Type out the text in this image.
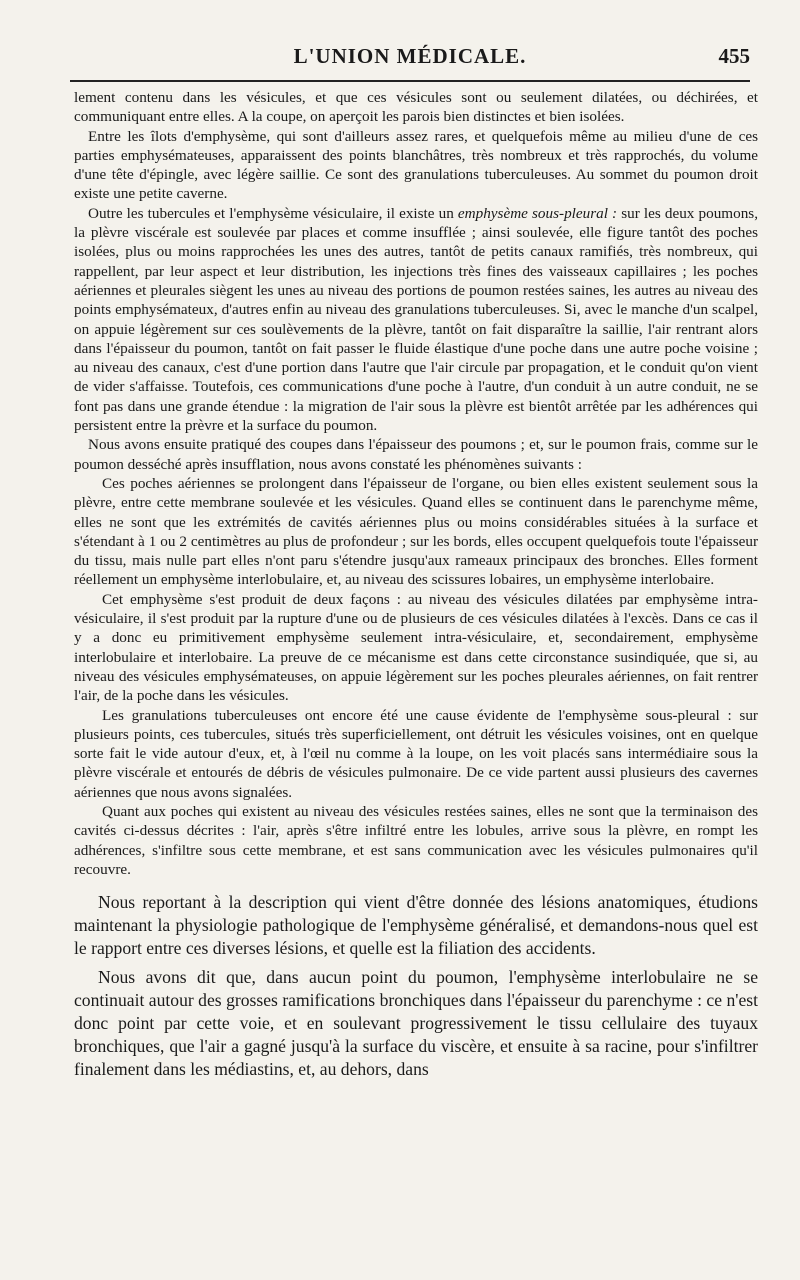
L'UNION MÉDICALE.	455

lement contenu dans les vésicules, et que ces vésicules sont ou seulement dilatées, ou déchirées, et communiquant entre elles. A la coupe, on aperçoit les parois bien distinctes et bien isolées.

Entre les îlots d'emphysème, qui sont d'ailleurs assez rares, et quelquefois même au milieu d'une de ces parties emphysémateuses, apparaissent des points blanchâtres, très nombreux et très rapprochés, du volume d'une tête d'épingle, avec légère saillie. Ce sont des granulations tuberculeuses. Au sommet du poumon droit existe une petite caverne.

Outre les tubercules et l'emphysème vésiculaire, il existe un emphysème sous-pleural : sur les deux poumons, la plèvre viscérale est soulevée par places et comme insufflée ; ainsi soulevée, elle figure tantôt des poches isolées, plus ou moins rapprochées les unes des autres, tantôt de petits canaux ramifiés, très nombreux, qui rappellent, par leur aspect et leur distribution, les injections très fines des vaisseaux capillaires ; les poches aériennes et pleurales siègent les unes au niveau des portions de poumon restées saines, les autres au niveau des points emphysémateux, d'autres enfin au niveau des granulations tuberculeuses. Si, avec le manche d'un scalpel, on appuie légèrement sur ces soulèvements de la plèvre, tantôt on fait disparaître la saillie, l'air rentrant alors dans l'épaisseur du poumon, tantôt on fait passer le fluide élastique d'une poche dans une autre poche voisine ; au niveau des canaux, c'est d'une portion dans l'autre que l'air circule par propagation, et le conduit qu'on vient de vider s'affaisse. Toutefois, ces communications d'une poche à l'autre, d'un conduit à un autre conduit, ne se font pas dans une grande étendue : la migration de l'air sous la plèvre est bientôt arrêtée par les adhérences qui persistent entre la prèvre et la surface du poumon.

Nous avons ensuite pratiqué des coupes dans l'épaisseur des poumons ; et, sur le poumon frais, comme sur le poumon desséché après insufflation, nous avons constaté les phénomènes suivants :

Ces poches aériennes se prolongent dans l'épaisseur de l'organe, ou bien elles existent seulement sous la plèvre, entre cette membrane soulevée et les vésicules. Quand elles se continuent dans le parenchyme même, elles ne sont que les extrémités de cavités aériennes plus ou moins considérables situées à la surface et s'étendant à 1 ou 2 centimètres au plus de profondeur ; sur les bords, elles occupent quelquefois toute l'épaisseur du tissu, mais nulle part elles n'ont paru s'étendre jusqu'aux rameaux principaux des bronches. Elles forment réellement un emphysème interlobulaire, et, au niveau des scissures lobaires, un emphysème interlobaire.

Cet emphysème s'est produit de deux façons : au niveau des vésicules dilatées par emphysème intra-vésiculaire, il s'est produit par la rupture d'une ou de plusieurs de ces vésicules dilatées à l'excès. Dans ce cas il y a donc eu primitivement emphysème seulement intra-vésiculaire, et, secondairement, emphysème interlobulaire et interlobaire. La preuve de ce mécanisme est dans cette circonstance susindiquée, que si, au niveau des vésicules emphysémateuses, on appuie légèrement sur les poches pleurales aériennes, on fait rentrer l'air, de la poche dans les vésicules.

Les granulations tuberculeuses ont encore été une cause évidente de l'emphysème sous-pleural : sur plusieurs points, ces tubercules, situés très superficiellement, ont détruit les vésicules voisines, ont en quelque sorte fait le vide autour d'eux, et, à l'œil nu comme à la loupe, on les voit placés sans intermédiaire sous la plèvre viscérale et entourés de débris de vésicules pulmonaire. De ce vide partent aussi plusieurs des cavernes aériennes que nous avons signalées.

Quant aux poches qui existent au niveau des vésicules restées saines, elles ne sont que la terminaison des cavités ci-dessus décrites : l'air, après s'être infiltré entre les lobules, arrive sous la plèvre, en rompt les adhérences, s'infiltre sous cette membrane, et est sans communication avec les vésicules pulmonaires qu'il recouvre.

Nous reportant à la description qui vient d'être donnée des lésions anatomiques, étudions maintenant la physiologie pathologique de l'emphysème généralisé, et demandons-nous quel est le rapport entre ces diverses lésions, et quelle est la filiation des accidents.

Nous avons dit que, dans aucun point du poumon, l'emphysème interlobulaire ne se continuait autour des grosses ramifications bronchiques dans l'épaisseur du parenchyme : ce n'est donc point par cette voie, et en soulevant progressivement le tissu cellulaire des tuyaux bronchiques, que l'air a gagné jusqu'à la surface du viscère, et ensuite à sa racine, pour s'infiltrer finalement dans les médiastins, et, au dehors, dans
